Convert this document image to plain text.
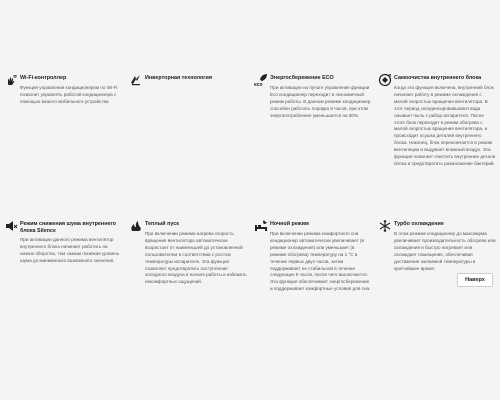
Wi-Fi-контроллер
Функция управления кондиционером по Wi-Fi позволит управлять работой кондиционера с помощью вашего мобильного устройства.
Инверторная технология
eco
Энергосбережение ECO
При активации на пульте управления функции Eco кондиционер переходит в экономичный режим работы. В данном режиме кондиционер способен работать порядка 8 часов, при этом энергопотребление уменьшается на 60%.
Самоочистка внутреннего блока
Когда эта функция включена, внутренний блок начинает работу в режиме охлаждения с малой скоростью вращения вентилятора. В этот период сконденсировавшаяся вода смывает пыль с рабор испарителя. После этого блок переходит в режим обогрева с малой скоростью вращения вентилятора, и происходит осушка деталей внутреннего блока. Наконец, блок переключается в режим вентиляции и выдувает влажный воздух. Эта функция помогает очистить внутренние детали блока и предотвратить размножение бактерий.
Режим снижения шума внутреннего блока Silence
При активации данного режима вентилятор внутреннего блока начинает работать на низких оборотах, тем самым понижая уровень шума до минимально возможного значения.
Теплый пуск
При включении режима нагрева скорость вращения вентилятора автоматически возрастает от наименьшей до установленной пользователем в соответствии с ростом температуры испарителя. Эта функция позволяет предотвратить поступление холодного воздуха в начале работы и избежать некомфортных ощущений.
Ночной режим
При включении режима комфортного сна кондиционер автоматически увеличивает (в режиме охлаждения) или уменьшает (в режиме обогрева) температуру на 1 °C в течение первых двух часов, затем поддерживает ее стабильной в течение следующих 5 часов, после чего выключается. Эта функция обеспечивает энергосбережение и поддерживает комфортные условия для сна.
Турбо охлаждение
В этом режиме кондиционер до максимума увеличивает производительность обогрева или охлаждения и быстро нагревает или охлаждает помещение, обеспечивая достижение желаемой температуры в кратчайшее время.
Наверх
